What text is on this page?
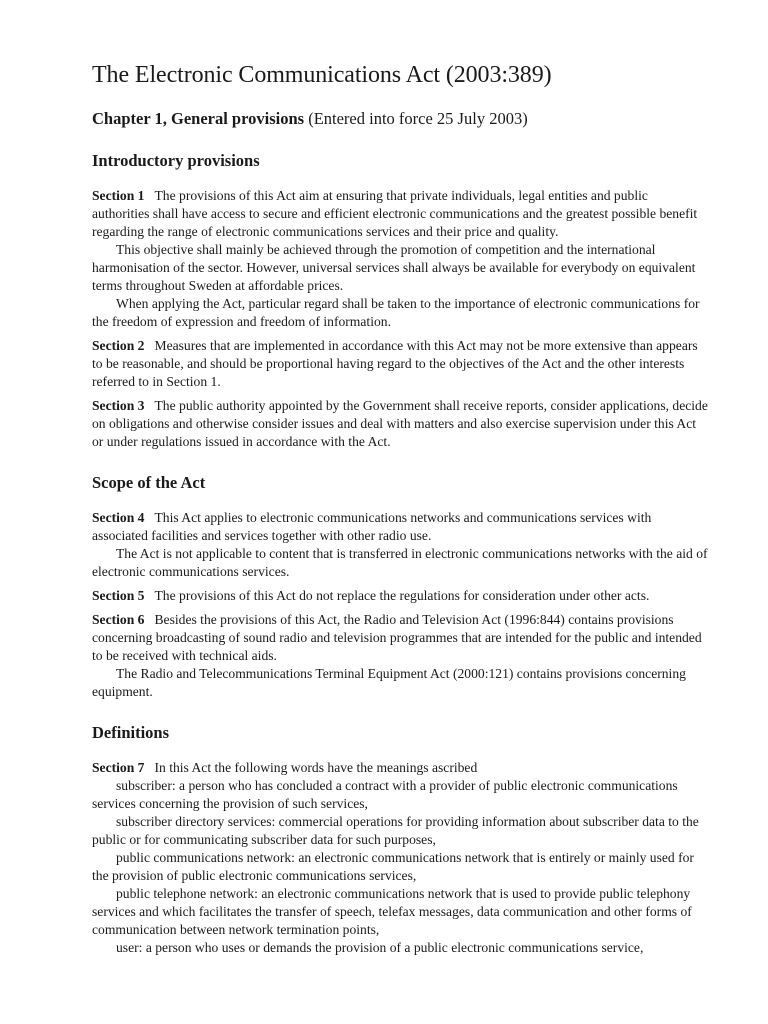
The Electronic Communications Act (2003:389)
Chapter 1, General provisions (Entered into force 25 July 2003)
Introductory provisions

Section 1 The provisions of this Act aim at ensuring that private individuals, legal entities and public authorities shall have access to secure and efficient electronic communications and the greatest possible benefit regarding the range of electronic communications services and their price and quality.

This objective shall mainly be achieved through the promotion of competition and the international harmonisation of the sector. However, universal services shall always be available for everybody on equivalent terms throughout Sweden at affordable prices.

When applying the Act, particular regard shall be taken to the importance of electronic communications for the freedom of expression and freedom of information.

Section 2 Measures that are implemented in accordance with this Act may not be more extensive than appears to be reasonable, and should be proportional having regard to the objectives of the Act and the other interests referred to in Section 1.

Section 3 The public authority appointed by the Government shall receive reports, consider applications, decide on obligations and otherwise consider issues and deal with matters and also exercise supervision under this Act or under regulations issued in accordance with the Act.

Scope of the Act

Section 4 This Act applies to electronic communications networks and communications services with associated facilities and services together with other radio use.

The Act is not applicable to content that is transferred in electronic communications networks with the aid of electronic communications services.

Section 5 The provisions of this Act do not replace the regulations for consideration under other acts.

Section 6 Besides the provisions of this Act, the Radio and Television Act (1996:844) contains provisions concerning broadcasting of sound radio and television programmes that are intended for the public and intended to be received with technical aids.

The Radio and Telecommunications Terminal Equipment Act (2000:121) contains provisions concerning equipment.

Definitions

Section 7 In this Act the following words have the meanings ascribed

subscriber: a person who has concluded a contract with a provider of public electronic communications services concerning the provision of such services,

subscriber directory services: commercial operations for providing information about subscriber data to the public or for communicating subscriber data for such purposes,

public communications network: an electronic communications network that is entirely or mainly used for the provision of public electronic communications services,

public telephone network: an electronic communications network that is used to provide public telephony services and which facilitates the transfer of speech, telefax messages, data communication and other forms of communication between network termination points,

user: a person who uses or demands the provision of a public electronic communications service,
